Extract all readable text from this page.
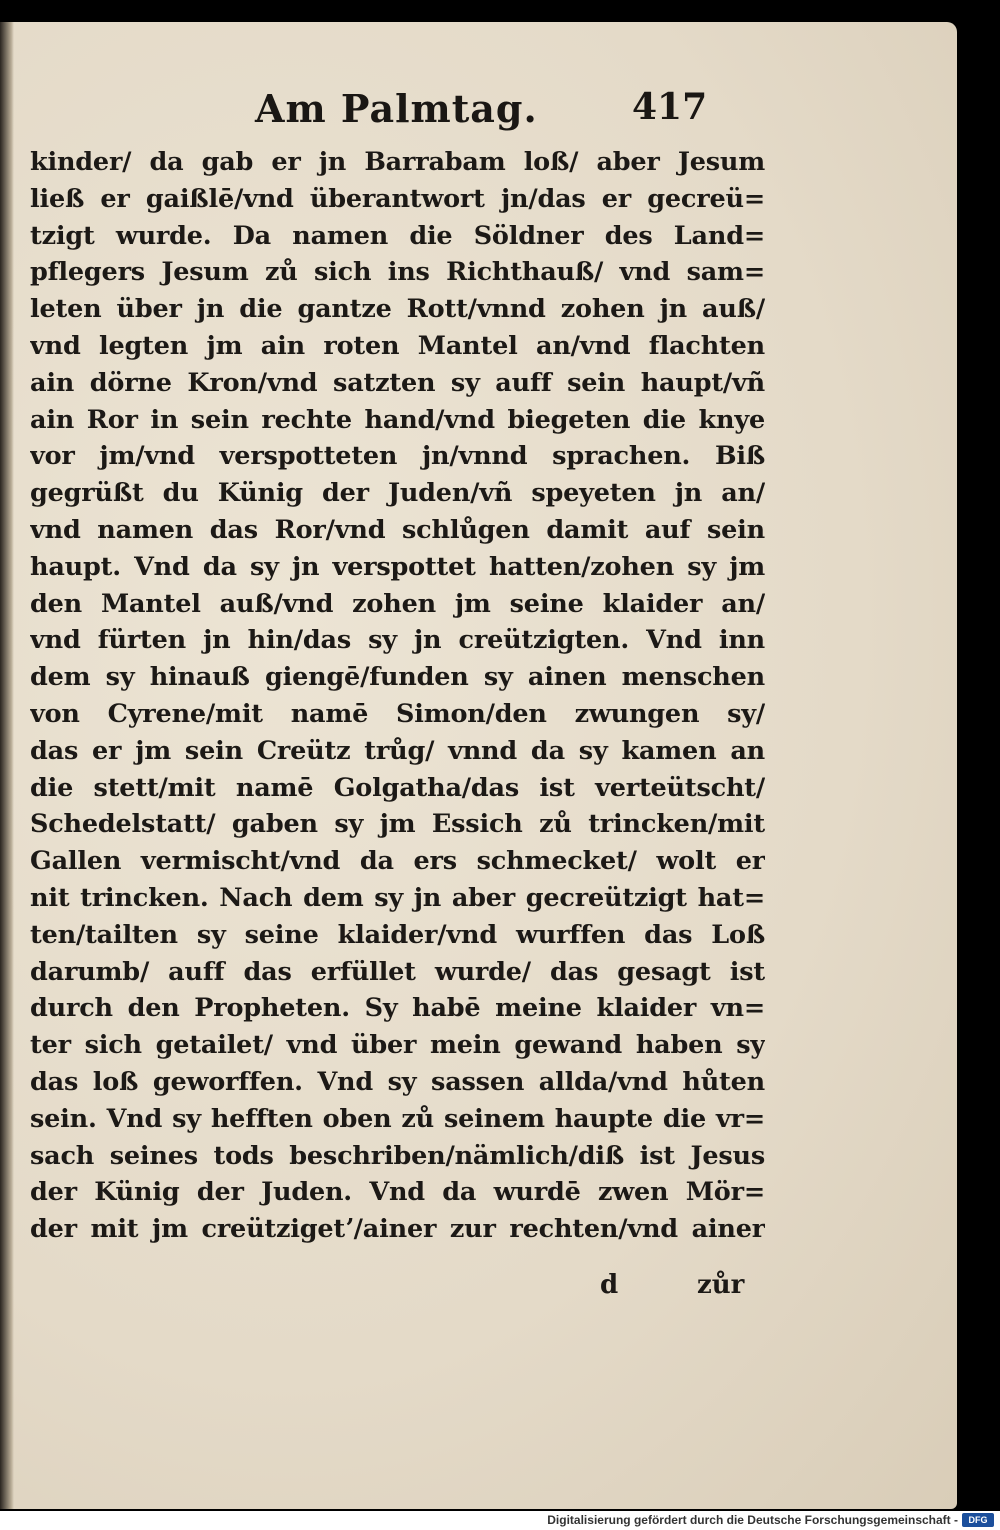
Am Palmtag.	417
kinder/ da gab er jn Barrabam loß/ aber Jesum
ließ er gaißlē/vnd überantwort jn/das er gecreü=
tzigt wurde. Da namen die Söldner des Land=
pflegers Jesum zů sich ins Richthauß/ vnd sam=
leten über jn die gantze Rott/vnnd zohen jn auß/
vnd legten jm ain roten Mantel an/vnd flachten
ain dörne Kron/vnd satzten sy auff sein haupt/vñ
ain Ror in sein rechte hand/vnd biegeten die knye
vor jm/vnd verspotteten jn/vnnd sprachen. Biß
gegrüßt du Künig der Juden/vñ speyeten jn an/
vnd namen das Ror/vnd schlůgen damit auf sein
haupt. Vnd da sy jn verspottet hatten/zohen sy jm
den Mantel auß/vnd zohen jm seine klaider an/
vnd fürten jn hin/das sy jn creützigten. Vnd inn
dem sy hinauß giengē/funden sy ainen menschen
von Cyrene/mit namē Simon/den zwungen sy/
das er jm sein Creütz trůg/ vnnd da sy kamen an
die stett/mit namē Golgatha/das ist verteütscht/
Schedelstatt/ gaben sy jm Essich zů trincken/mit
Gallen vermischt/vnd da ers schmecket/ wolt er
nit trincken. Nach dem sy jn aber gecreützigt hat=
ten/tailten sy seine klaider/vnd wurffen das Loß
darumb/ auff das erfüllet wurde/ das gesagt ist
durch den Propheten. Sy habē meine klaider vn=
ter sich getailet/ vnd über mein gewand haben sy
das loß geworffen. Vnd sy sassen allda/vnd hůten
sein. Vnd sy hefften oben zů seinem haupte die vr=
sach seines tods beschriben/nämlich/diß ist Jesus
der Künig der Juden. Vnd da wurdē zwen Mör=
der mit jm creützigetʼ/ainer zur rechten/vnd ainer
d	zůr
Digitalisierung gefördert durch die Deutsche Forschungsgemeinschaft -	DFG
